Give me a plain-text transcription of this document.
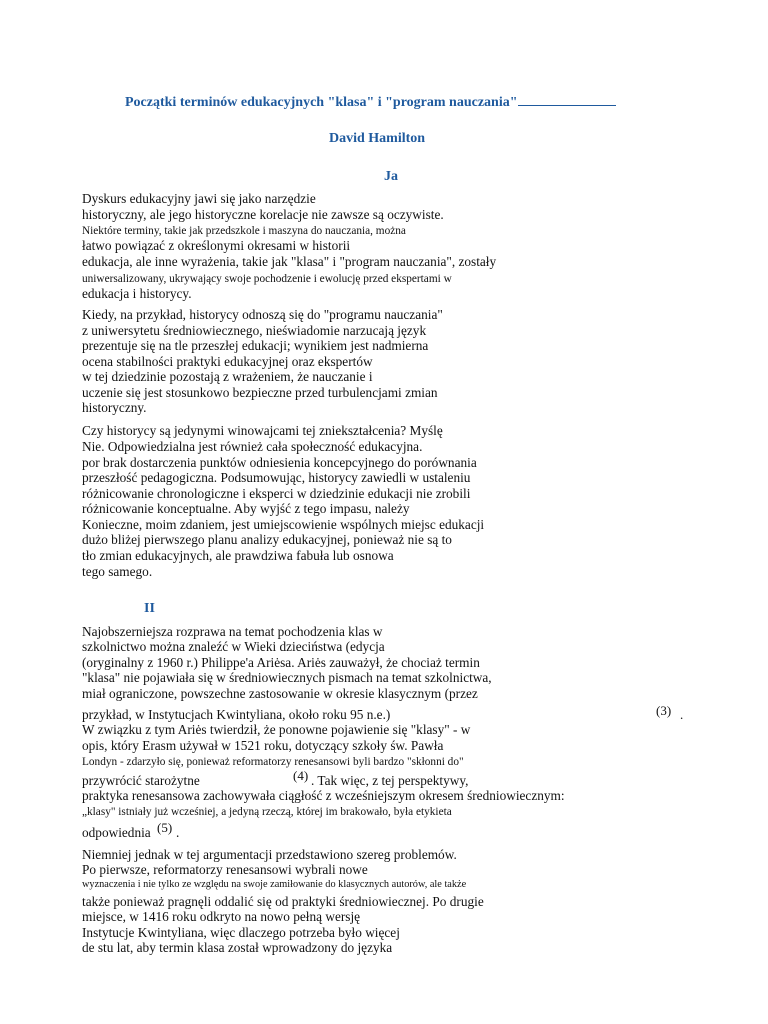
Początki terminów edukacyjnych "klasa" i "program nauczania"
David Hamilton
Ja
Dyskurs edukacyjny jawi się jako narzędzie
historyczny, ale jego historyczne korelacje nie zawsze są oczywiste.
Niektóre terminy, takie jak przedszkole i maszyna do nauczania, można
łatwo powiązać z określonymi okresami w historii
edukacja, ale inne wyrażenia, takie jak "klasa" i "program nauczania", zostały
uniwersalizowany, ukrywający swoje pochodzenie i ewolucję przed ekspertami w
edukacja i historycy.
Kiedy, na przykład, historycy odnoszą się do "programu nauczania"
z uniwersytetu średniowiecznego, nieświadomie narzucają język
prezentuje się na tle przeszłej edukacji; wynikiem jest nadmierna
ocena stabilności praktyki edukacyjnej oraz ekspertów
w tej dziedzinie pozostają z wrażeniem, że nauczanie i
uczenie się jest stosunkowo bezpieczne przed turbulencjami zmian
historyczny.
Czy historycy są jedynymi winowajcami tej zniekształcenia? Myślę
Nie. Odpowiedzialna jest również cała społeczność edukacyjna.
por brak dostarczenia punktów odniesienia koncepcyjnego do porównania
przeszłość pedagogiczna. Podsumowując, historycy zawiedli w ustaleniu
różnicowanie chronologiczne i eksperci w dziedzinie edukacji nie zrobili
różnicowanie konceptualne. Aby wyjść z tego impasu, należy
Konieczne, moim zdaniem, jest umiejscowienie wspólnych miejsc edukacji
dużo bliżej pierwszego planu analizy edukacyjnej, ponieważ nie są to
tło zmian edukacyjnych, ale prawdziwa fabuła lub osnowa
tego samego.
II
Najobszerniejsza rozprawa na temat pochodzenia klas w
szkolnictwo można znaleźć w Wieki dzieciństwa (edycja
(oryginalny z 1960 r.) Philippe'a Ariėsa. Ariės zauważył, że chociaż termin
"klasa" nie pojawiała się w średniowiecznych pismach na temat szkolnictwa,
miał ograniczone, powszechne zastosowanie w okresie klasycznym (przez
przykład, w Instytucjach Kwintyliana, około roku 95 n.e.)	(3) .
W związku z tym Ariės twierdził, że ponowne pojawienie się "klasy" - w
opis, który Erasm używał w 1521 roku, dotyczący szkoły św. Pawła
Londyn - zdarzyło się, ponieważ reformatorzy renesansowi byli bardzo "skłonni do"
przywrócić starożytne	(4) . Tak więc, z tej perspektywy,
praktyka renesansowa zachowywała ciągłość z wcześniejszym okresem średniowiecznym:
„klasy" istniały już wcześniej, a jedyną rzeczą, której im brakowało, była etykieta
odpowiednia (5) .
Niemniej jednak w tej argumentacji przedstawiono szereg problemów.
Po pierwsze, reformatorzy renesansowi wybrali nowe
wyznaczenia i nie tylko ze względu na swoje zamiłowanie do klasycznych autorów, ale także
także ponieważ pragnęli oddalić się od praktyki średniowiecznej. Po drugie
miejsce, w 1416 roku odkryto na nowo pełną wersję
Instytucje Kwintyliana, więc dlaczego potrzeba było więcej
de stu lat, aby termin klasa został wprowadzony do języka
